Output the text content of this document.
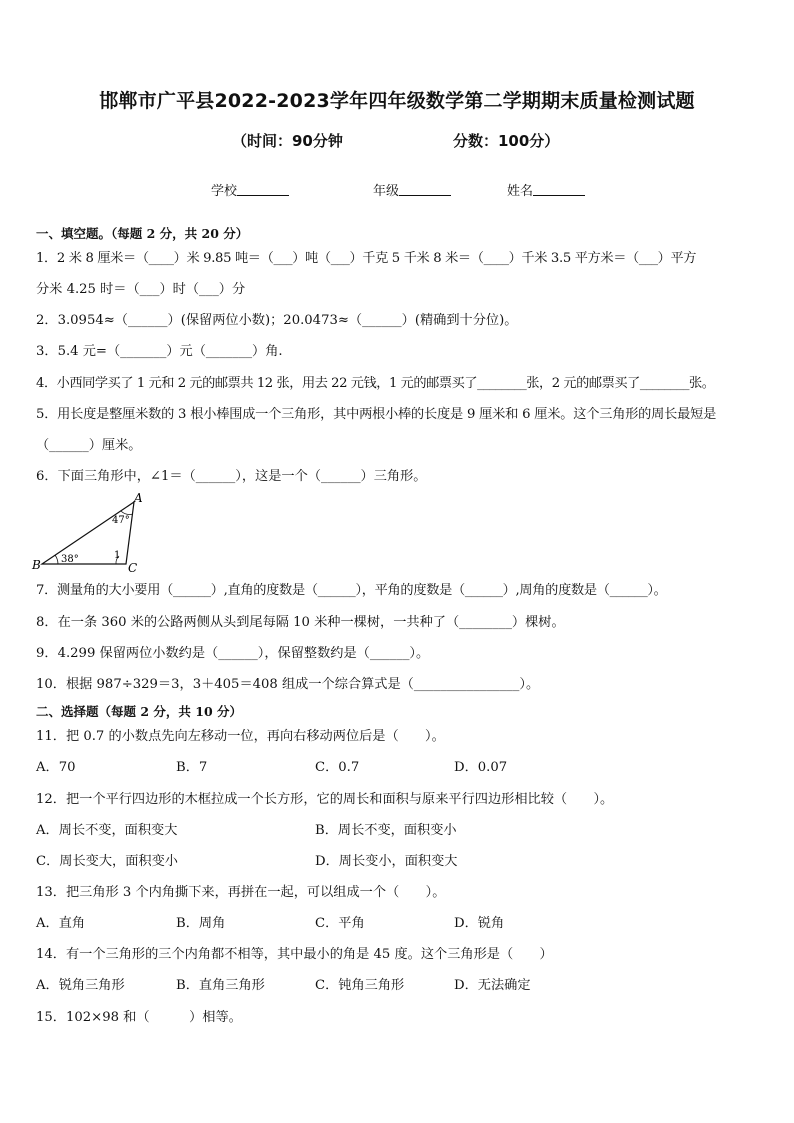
邯郸市广平县2022-2023学年四年级数学第二学期期末质量检测试题
（时间：90分钟	分数：100分）
学校	年级	姓名
一、填空题。（每题 2 分，共 20 分）
1．2 米 8 厘米＝（____）米 9.85 吨＝（___）吨（___）千克 5 千米 8 米＝（____）千米 3.5 平方米＝（___）平方
分米 4.25 时＝（___）时（___）分
2．3.0954≈（______）(保留两位小数)；20.0473≈（______）(精确到十分位)。
3．5.4 元=（_______）元（_______）角.
4．小西同学买了 1 元和 2 元的邮票共 12 张，用去 22 元钱，1 元的邮票买了________张，2 元的邮票买了________张。
5．用长度是整厘米数的 3 根小棒围成一个三角形，其中两根小棒的长度是 9 厘米和 6 厘米。这个三角形的周长最短是
（______）厘米。
6．下面三角形中，∠1＝（______），这是一个（______）三角形。
A
B	C
47°
38°	1
7．测量角的大小要用（______）,直角的度数是（______），平角的度数是（______）,周角的度数是（______）。
8．在一条 360 米的公路两侧从头到尾每隔 10 米种一棵树，一共种了（________）棵树。
9．4.299 保留两位小数约是（______），保留整数约是（______）。
10．根据 987÷329＝3，3＋405＝408 组成一个综合算式是（________________）。
二、选择题（每题 2 分，共 10 分）
11．把 0.7 的小数点先向左移动一位，再向右移动两位后是（　　）。
A．70	B．7	C．0.7	D．0.07
12．把一个平行四边形的木框拉成一个长方形，它的周长和面积与原来平行四边形相比较（　　）。
A．周长不变，面积变大	B．周长不变，面积变小
C．周长变大，面积变小	D．周长变小，面积变大
13．把三角形 3 个内角撕下来，再拼在一起，可以组成一个（　　）。
A．直角	B．周角	C．平角	D．锐角
14．有一个三角形的三个内角都不相等，其中最小的角是 45 度。这个三角形是（　　）
A．锐角三角形	B．直角三角形	C．钝角三角形	D．无法确定
15．102×98 和（　　　）相等。
